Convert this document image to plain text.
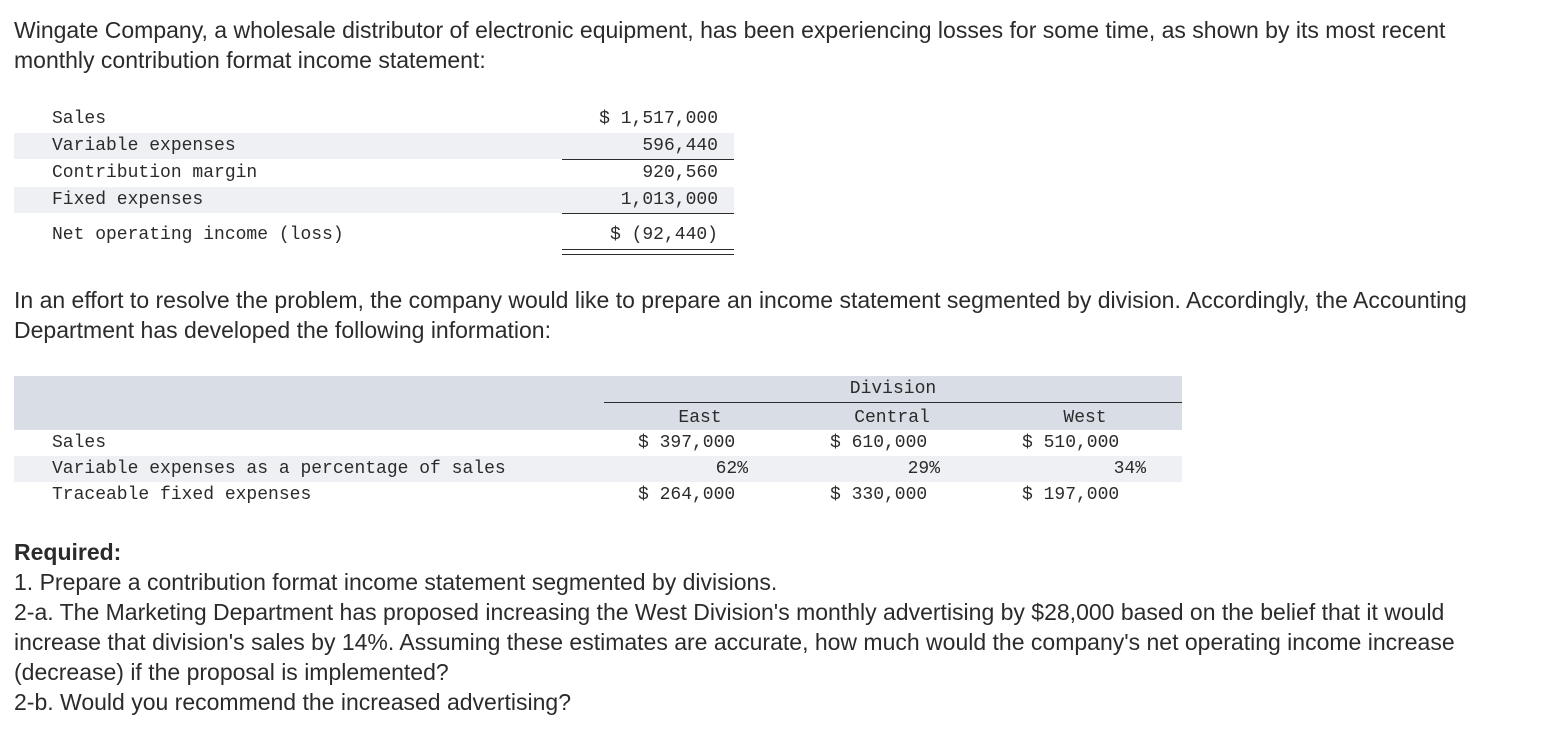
Wingate Company, a wholesale distributor of electronic equipment, has been experiencing losses for some time, as shown by its most recent monthly contribution format income statement:

Sales	$ 1,517,000
Variable expenses	596,440
Contribution margin	920,560
Fixed expenses	1,013,000
Net operating income (loss)	$ (92,440)

In an effort to resolve the problem, the company would like to prepare an income statement segmented by division. Accordingly, the Accounting Department has developed the following information:

Division
East	Central	West
Sales	$ 397,000	$ 610,000	$ 510,000
Variable expenses as a percentage of sales	62%	29%	34%
Traceable fixed expenses	$ 264,000	$ 330,000	$ 197,000
Required:
1. Prepare a contribution format income statement segmented by divisions.
2-a. The Marketing Department has proposed increasing the West Division's monthly advertising by $28,000 based on the belief that it would increase that division's sales by 14%. Assuming these estimates are accurate, how much would the company's net operating income increase (decrease) if the proposal is implemented?
2-b. Would you recommend the increased advertising?
